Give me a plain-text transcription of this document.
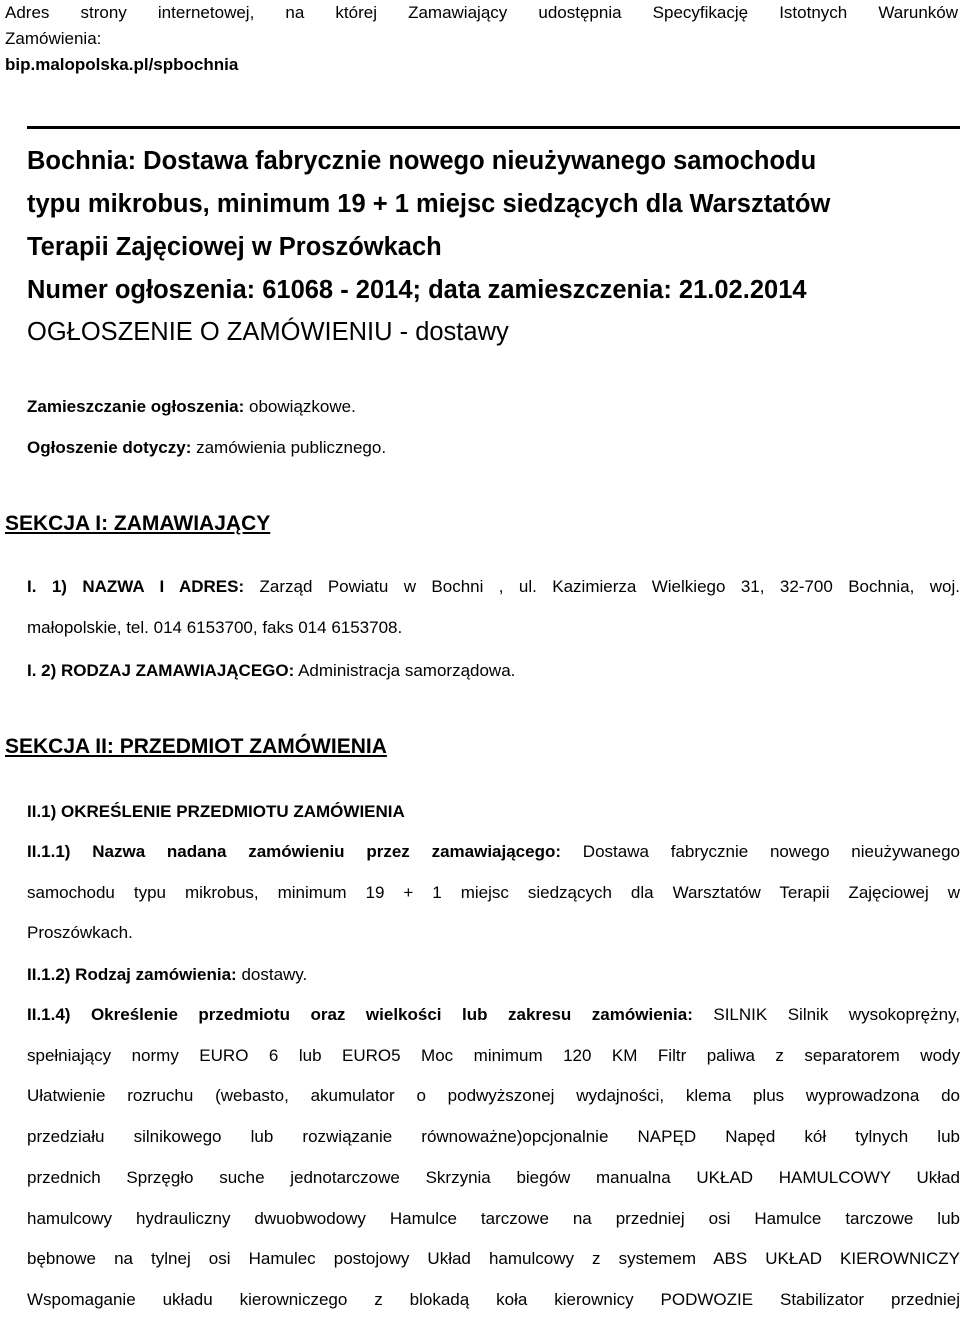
Adres strony internetowej, na której Zamawiający udostępnia Specyfikację Istotnych Warunków
Zamówienia:
bip.malopolska.pl/spbochnia
Bochnia: Dostawa fabrycznie nowego nieużywanego samochodu
typu mikrobus, minimum 19 + 1 miejsc siedzących dla Warsztatów
Terapii Zajęciowej w Proszówkach
Numer ogłoszenia: 61068 - 2014; data zamieszczenia: 21.02.2014
OGŁOSZENIE O ZAMÓWIENIU - dostawy

Zamieszczanie ogłoszenia: obowiązkowe.

Ogłoszenie dotyczy: zamówienia publicznego.

SEKCJA I: ZAMAWIAJĄCY
I. 1) NAZWA I ADRES: Zarząd Powiatu w Bochni , ul. Kazimierza Wielkiego 31, 32-700 Bochnia, woj.
małopolskie, tel. 014 6153700, faks 014 6153708.

I. 2) RODZAJ ZAMAWIAJĄCEGO: Administracja samorządowa.

SEKCJA II: PRZEDMIOT ZAMÓWIENIA

II.1) OKREŚLENIE PRZEDMIOTU ZAMÓWIENIA

II.1.1) Nazwa nadana zamówieniu przez zamawiającego: Dostawa fabrycznie nowego nieużywanego
samochodu typu mikrobus, minimum 19 + 1 miejsc siedzących dla Warsztatów Terapii Zajęciowej w
Proszówkach.

II.1.2) Rodzaj zamówienia: dostawy.

II.1.4) Określenie przedmiotu oraz wielkości lub zakresu zamówienia: SILNIK Silnik wysokoprężny,
spełniający normy EURO 6 lub EURO5 Moc minimum 120 KM Filtr paliwa z separatorem wody
Ułatwienie rozruchu (webasto, akumulator o podwyższonej wydajności, klema plus wyprowadzona do
przedziału silnikowego lub rozwiązanie równoważne)opcjonalnie NAPĘD Napęd kół tylnych lub
przednich Sprzęgło suche jednotarczowe Skrzynia biegów manualna UKŁAD HAMULCOWY Układ
hamulcowy hydrauliczny dwuobwodowy Hamulce tarczowe na przedniej osi Hamulce tarczowe lub
bębnowe na tylnej osi Hamulec postojowy Układ hamulcowy z systemem ABS UKŁAD KIEROWNICZY
Wspomaganie układu kierowniczego z blokadą koła kierownicy PODWOZIE Stabilizator przedniej
